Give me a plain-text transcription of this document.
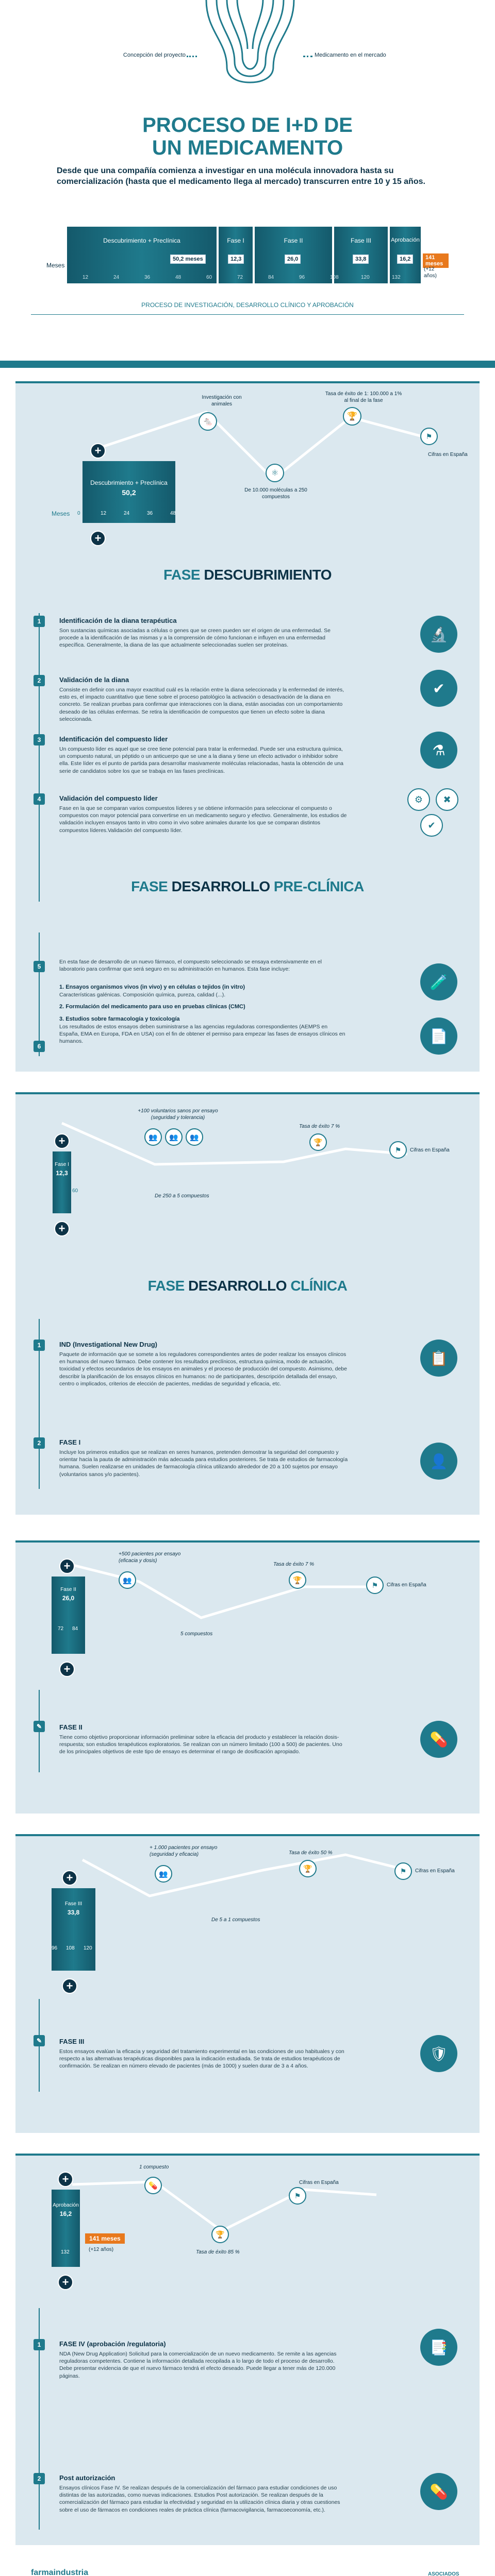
Concepción del proyecto	Medicamento en el mercado
PROCESO DE I+D DE
UN MEDICAMENTO
Desde que una compañía comienza a investigar en una molécula innovadora hasta su comercialización (hasta que el medicamento llega al mercado) transcurren entre 10 y 15 años.
Meses
Descubrimiento + Preclínica	Fase I	Fase II	Fase III	Aprobación
50,2 meses	12,3	26,0	33,8	16,2
12	24	36	48	60	72	84	96	108	120	132
141 meses
(+12 años)
PROCESO DE INVESTIGACIÓN, DESARROLLO CLÍNICO Y APROBACIÓN
+
Descubrimiento + Preclínica
50,2
Meses 0	12	24	36	48
+
🐁
Investigación con animales
🏆
Tasa de éxito de 1: 100.000 a 1% al final de la fase
⚛
De 10.000 moléculas a 250 compuestos
⚑
Cifras en España
FASE DESCUBRIMIENTO
1	Identificación de la diana terapéutica
Son sustancias químicas asociadas a células o genes que se creen pueden ser el origen de una enfermedad. Se procede a la identificación de las mismas y a la comprensión de cómo funcionan e influyen en una enfermedad específica. Generalmente, la diana de las que actualmente seleccionadas suelen ser proteínas.
2	Validación de la diana
Consiste en definir con una mayor exactitud cuál es la relación entre la diana seleccionada y la enfermedad de interés, esto es, el impacto cuantitativo que tiene sobre el proceso patológico la activación o desactivación de la diana en concreto. Se realizan pruebas para confirmar que interacciones con la diana, están asociadas con un comportamiento deseado de las células enfermas. Se retira la identificación de compuestos que tienen un efecto sobre la diana seleccionada.
3	Identificación del compuesto líder
Un compuesto líder es aquel que se cree tiene potencial para tratar la enfermedad. Puede ser una estructura química, un compuesto natural, un péptido o un anticuerpo que se une a la diana y tiene un efecto activador o inhibidor sobre ella. Este líder es el punto de partida para desarrollar masivamente moléculas relacionadas, hasta la obtención de una serie de candidatos sobre los que se trabaja en las fases preclínicas.
4	Validación del compuesto líder
Fase en la que se comparan varios compuestos líderes y se obtiene información para seleccionar el compuesto o compuestos con mayor potencial para convertirse en un medicamento seguro y efectivo. Generalmente, los estudios de validación incluyen ensayos tanto in vitro como in vivo sobre animales durante los que se comparan distintos compuestos líderes.Validación del compuesto líder.
🔬
✔
⚗
⚙	✖
✔
FASE DESARROLLO PRE-CLÍNICA
5
En esta fase de desarrollo de un nuevo fármaco, el compuesto seleccionado se ensaya extensivamente en el laboratorio para confirmar que será seguro en su administración en humanos. Esta fase incluye:
1. Ensayos organismos vivos (in vivo) y en células o tejidos (in vitro)
Características galénicas. Composición química, pureza, calidad (...).
2. Formulación del medicamento para uso en pruebas clínicas (CMC)
3. Estudios sobre farmacología y toxicología
Los resultados de estos ensayos deben suministrarse a las agencias reguladoras correspondientes (AEMPS en España, EMA en Europa, FDA en USA) con el fin de obtener el permiso para empezar las fases de ensayos clínicos en humanos.
6
🧪
📄
+
Fase I
12,3
60
+
+100 voluntarios sanos por ensayo (seguridad y tolerancia)
👥	👥	👥
Tasa de éxito 7 %
🏆
De 250 a 5 compuestos
⚑	Cifras en España
FASE DESARROLLO CLÍNICA
1	IND (Investigational New Drug)
Paquete de información que se somete a los reguladores correspondientes antes de poder realizar los ensayos clínicos en humanos del nuevo fármaco. Debe contener los resultados preclínicos, estructura química, modo de actuación, toxicidad y efectos secundarios de los ensayos en animales y el proceso de producción del compuesto. Asimismo, debe describir la planificación de los ensayos clínicos en humanos: no de participantes, descripción detallada del ensayo, centro o implicados, criterios de elección de pacientes, medidas de seguridad y eficacia, etc.
2	FASE I
Incluye los primeros estudios que se realizan en seres humanos, pretenden demostrar la seguridad del compuesto y orientar hacia la pauta de administración más adecuada para estudios posteriores. Se trata de estudios de farmacología humana. Suelen realizarse en unidades de farmacología clínica utilizando alrededor de 20 a 100 sujetos por ensayo (voluntarios sanos y/o pacientes).
📋
👤
+
Fase II
26,0
72 84
+
+500 pacientes por ensayo (eficacia y dosis)
👥
Tasa de éxito 7 %
🏆
5 compuestos
⚑	Cifras en España
✎	FASE II
Tiene como objetivo proporcionar información preliminar sobre la eficacia del producto y establecer la relación dosis-respuesta; son estudios terapéuticos exploratorios. Se realizan con un número limitado (100 a 500) de pacientes. Uno de los principales objetivos de este tipo de ensayo es determinar el rango de dosificación apropiado.
💊
+
Fase III
33,8
96 108 120
+
+ 1.000 pacientes por ensayo (seguridad y eficacia)
👥
Tasa de éxito 50 %
🏆
De 5 a 1 compuestos
⚑	Cifras en España
✎	FASE III
Estos ensayos evalúan la eficacia y seguridad del tratamiento experimental en las condiciones de uso habituales y con respecto a las alternativas terapéuticas disponibles para la indicación estudiada. Se trata de estudios terapéuticos de confirmación. Se realizan en número elevado de pacientes (más de 1000) y suelen durar de 3 a 4 años.
🛡
+
Aprobación
16,2
132
141 meses
(+12 años)
+
1 compuesto
💊
Tasa de éxito 85 %
🏆
Cifras en España
⚑
1	FASE IV (aprobación /regulatoria)
NDA (New Drug Application) Solicitud para la comercialización de un nuevo medicamento. Se remite a las agencias reguladoras competentes. Contiene la información detallada recopilada a lo largo de todo el proceso de desarrollo. Debe presentar evidencia de que el nuevo fármaco tendrá el efecto deseado. Puede llegar a tener más de 120.000 páginas.
2	Post autorización
Ensayos clínicos Fase IV. Se realizan después de la comercialización del fármaco para estudiar condiciones de uso distintas de las autorizadas, como nuevas indicaciones. Estudios Post autorización. Se realizan después de la comercialización del fármaco para estudiar la efectividad y seguridad en la utilización clínica diaria y otras cuestiones sobre el uso de fármacos en condiciones reales de práctica clínica (farmacovigilancia, farmacoeconomía, etc.).
📑
💊
farmaindustria	ASOCIADOS
